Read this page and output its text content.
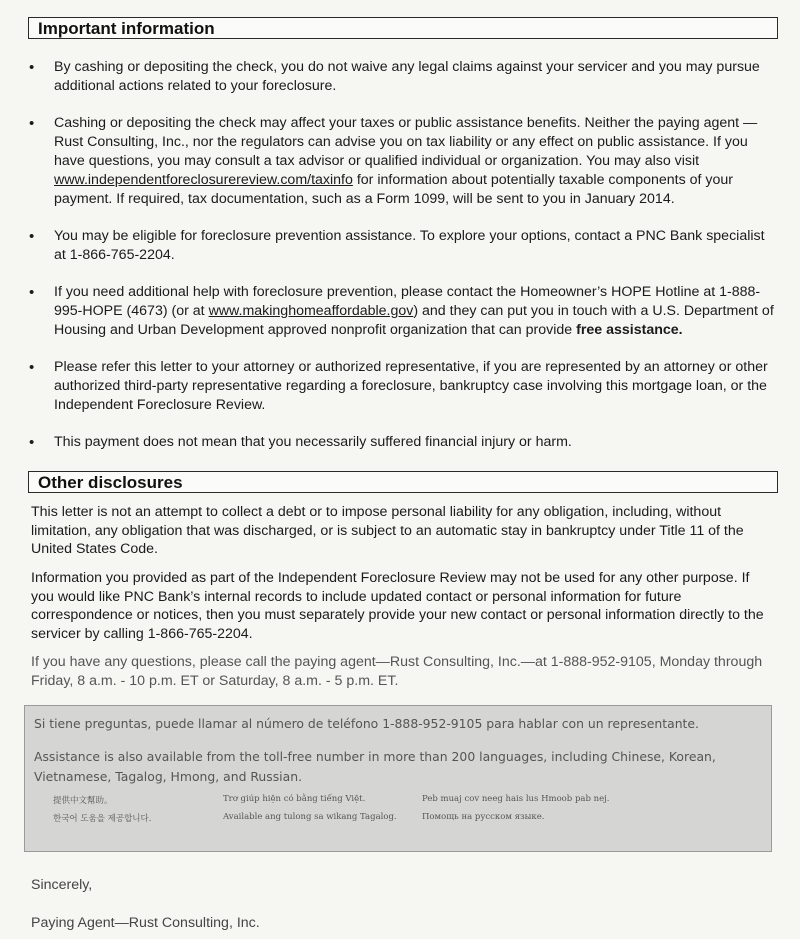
Important information
• By cashing or depositing the check, you do not waive any legal claims against your servicer and you may pursue additional actions related to your foreclosure.
• Cashing or depositing the check may affect your taxes or public assistance benefits. Neither the paying agent —Rust Consulting, Inc., nor the regulators can advise you on tax liability or any effect on public assistance. If you have questions, you may consult a tax advisor or qualified individual or organization. You may also visit www.independentforeclosurereview.com/taxinfo for information about potentially taxable components of your payment. If required, tax documentation, such as a Form 1099, will be sent to you in January 2014.
• You may be eligible for foreclosure prevention assistance. To explore your options, contact a PNC Bank specialist at 1-866-765-2204.
• If you need additional help with foreclosure prevention, please contact the Homeowner’s HOPE Hotline at 1-888-995-HOPE (4673) (or at www.makinghomeaffordable.gov) and they can put you in touch with a U.S. Department of Housing and Urban Development approved nonprofit organization that can provide free assistance.
• Please refer this letter to your attorney or authorized representative, if you are represented by an attorney or other authorized third-party representative regarding a foreclosure, bankruptcy case involving this mortgage loan, or the Independent Foreclosure Review.
• This payment does not mean that you necessarily suffered financial injury or harm.
Other disclosures
This letter is not an attempt to collect a debt or to impose personal liability for any obligation, including, without limitation, any obligation that was discharged, or is subject to an automatic stay in bankruptcy under Title 11 of the United States Code.
Information you provided as part of the Independent Foreclosure Review may not be used for any other purpose. If you would like PNC Bank’s internal records to include updated contact or personal information for future correspondence or notices, then you must separately provide your new contact or personal information directly to the servicer by calling 1-866-765-2204.
If you have any questions, please call the paying agent—Rust Consulting, Inc.—at 1-888-952-9105, Monday through Friday, 8 a.m. - 10 p.m. ET or Saturday, 8 a.m. - 5 p.m. ET.
Si tiene preguntas, puede llamar al número de teléfono 1-888-952-9105 para hablar con un representante.
Assistance is also available from the toll-free number in more than 200 languages, including Chinese, Korean, Vietnamese, Tagalog, Hmong, and Russian.
提供中文幫助。	Trơ giúp hiện có bằng tiếng Việt.	Peb muaj cov neeg hais lus Hmoob pab nej.
한국어 도움을 제공합니다.	Available ang tulong sa wikang Tagalog.	Помощь на русском языке.
Sincerely,
Paying Agent—Rust Consulting, Inc.
